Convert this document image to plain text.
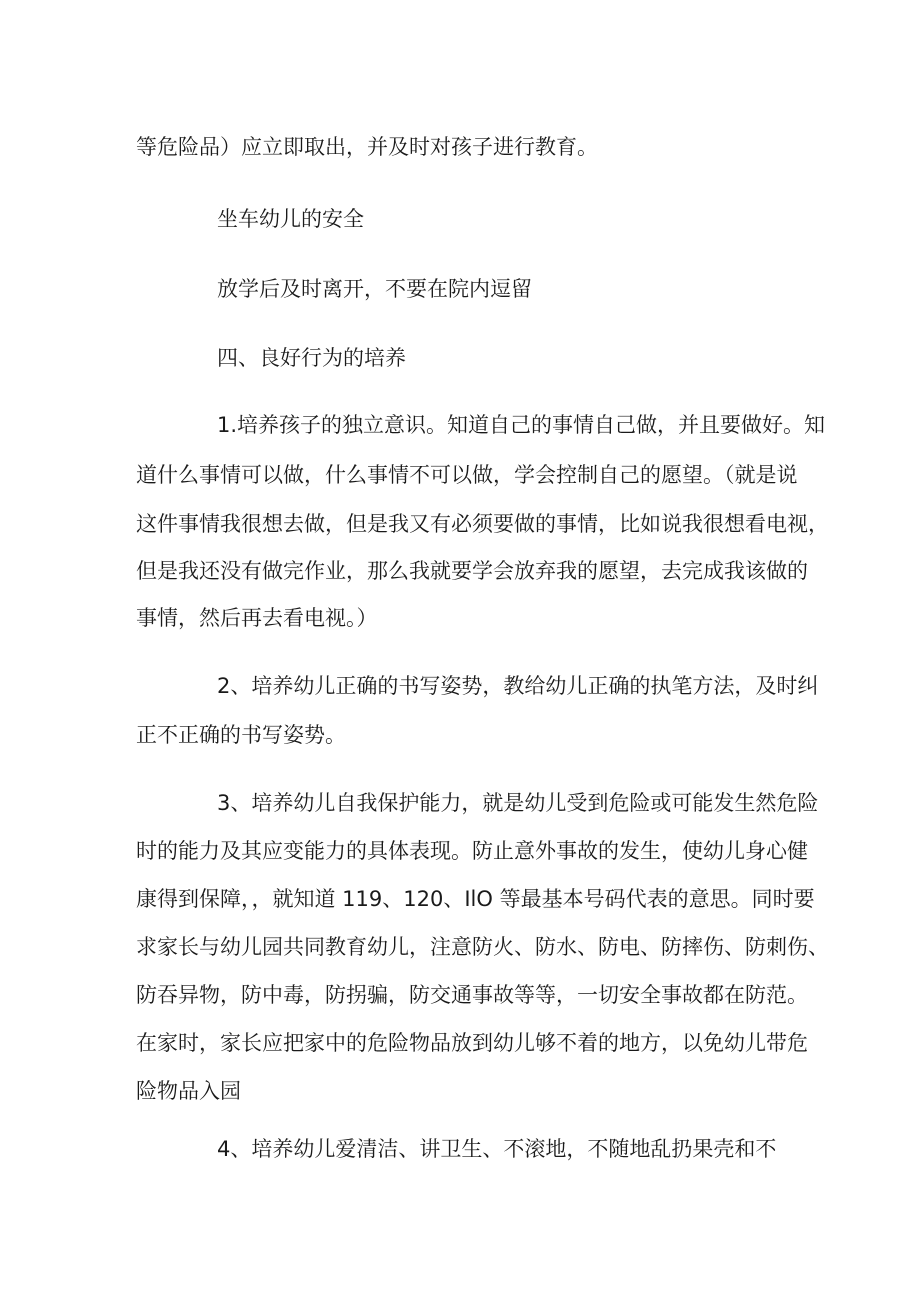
等危险品）应立即取出，并及时对孩子进行教育。
坐车幼儿的安全
放学后及时离开，不要在院内逗留
四、良好行为的培养
1.培养孩子的独立意识。知道自己的事情自己做，并且要做好。知
道什么事情可以做，什么事情不可以做，学会控制自己的愿望。（就是说
这件事情我很想去做，但是我又有必须要做的事情，比如说我很想看电视，
但是我还没有做完作业，那么我就要学会放弃我的愿望，去完成我该做的
事情，然后再去看电视。）
2、培养幼儿正确的书写姿势，教给幼儿正确的执笔方法，及时纠
正不正确的书写姿势。
3、培养幼儿自我保护能力，就是幼儿受到危险或可能发生然危险
时的能力及其应变能力的具体表现。防止意外事故的发生，使幼儿身心健
康得到保障，，就知道 119、120、IlO 等最基本号码代表的意思。同时要
求家长与幼儿园共同教育幼儿，注意防火、防水、防电、防摔伤、防刺伤、
防吞异物，防中毒，防拐骗，防交通事故等等，一切安全事故都在防范。
在家时，家长应把家中的危险物品放到幼儿够不着的地方，以免幼儿带危
险物品入园
4、培养幼儿爱清洁、讲卫生、不滚地，不随地乱扔果壳和不
